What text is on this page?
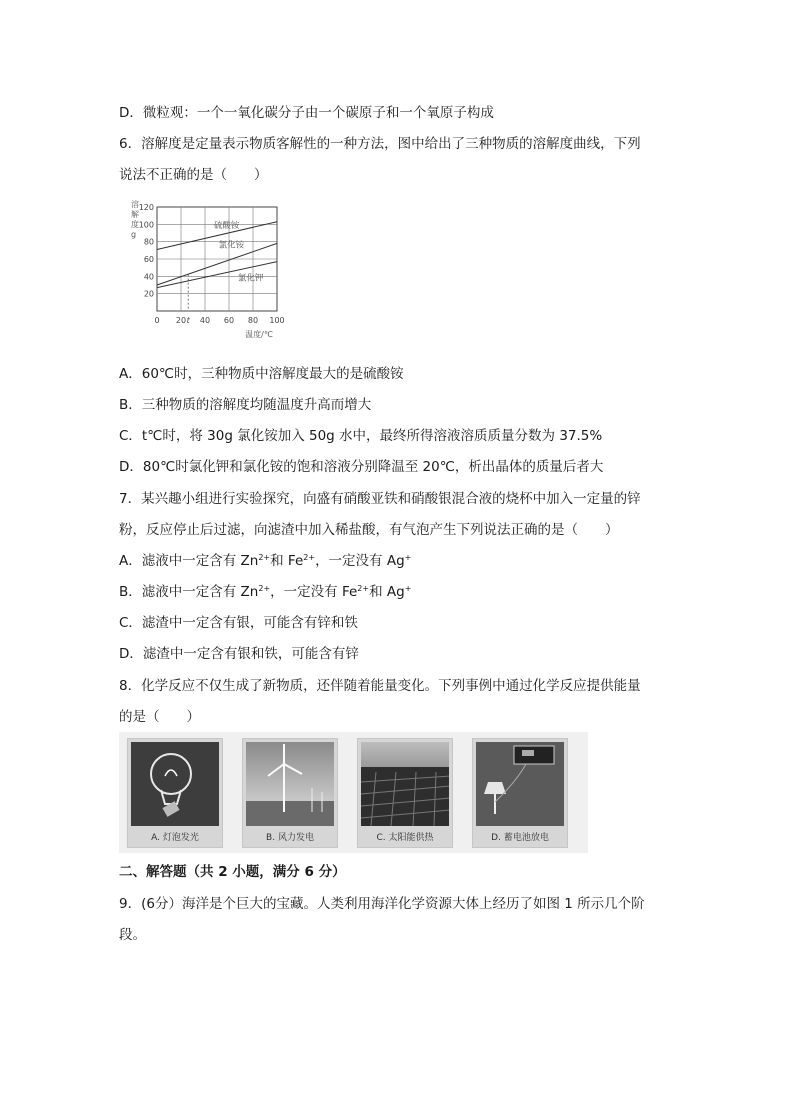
D．微粒观：一个一氧化碳分子由一个碳原子和一个氧原子构成
6．溶解度是定量表示物质客解性的一种方法，图中给出了三种物质的溶解度曲线，下列
说法不正确的是（　　）
溶
解
度
g
120
100
80
60
40
20
0 20 t 40 60 80 100
温度/℃
硫酸铵
氯化铵
氯化钾
A．60℃时，三种物质中溶解度最大的是硫酸铵
B．三种物质的溶解度均随温度升高而增大
C．t℃时，将 30g 氯化铵加入 50g 水中，最终所得溶液溶质质量分数为 37.5%
D．80℃时氯化钾和氯化铵的饱和溶液分别降温至 20℃，析出晶体的质量后者大
7．某兴趣小组进行实验探究，向盛有硝酸亚铁和硝酸银混合液的烧杯中加入一定量的锌
粉，反应停止后过滤，向滤渣中加入稀盐酸，有气泡产生下列说法正确的是（　　）
A．滤液中一定含有 $Zn^{2+}$和 $Fe^{2+}$，一定没有 Ag+
B．滤液中一定含有 $Zn^{2+}$，一定没有 $Fe^{2+}$和 Ag+
C．滤渣中一定含有银，可能含有锌和铁
D．滤渣中一定含有银和铁，可能含有锌
8．化学反应不仅生成了新物质，还伴随着能量变化。下列事例中通过化学反应提供能量
的是（　　）
A. 灯泡发光	B. 风力发电	C. 太阳能供热	D. 蓄电池放电
二、解答题（共 2 小题，满分 6 分）
9．(6分）海洋是个巨大的宝藏。人类利用海洋化学资源大体上经历了如图 1 所示几个阶
段。
